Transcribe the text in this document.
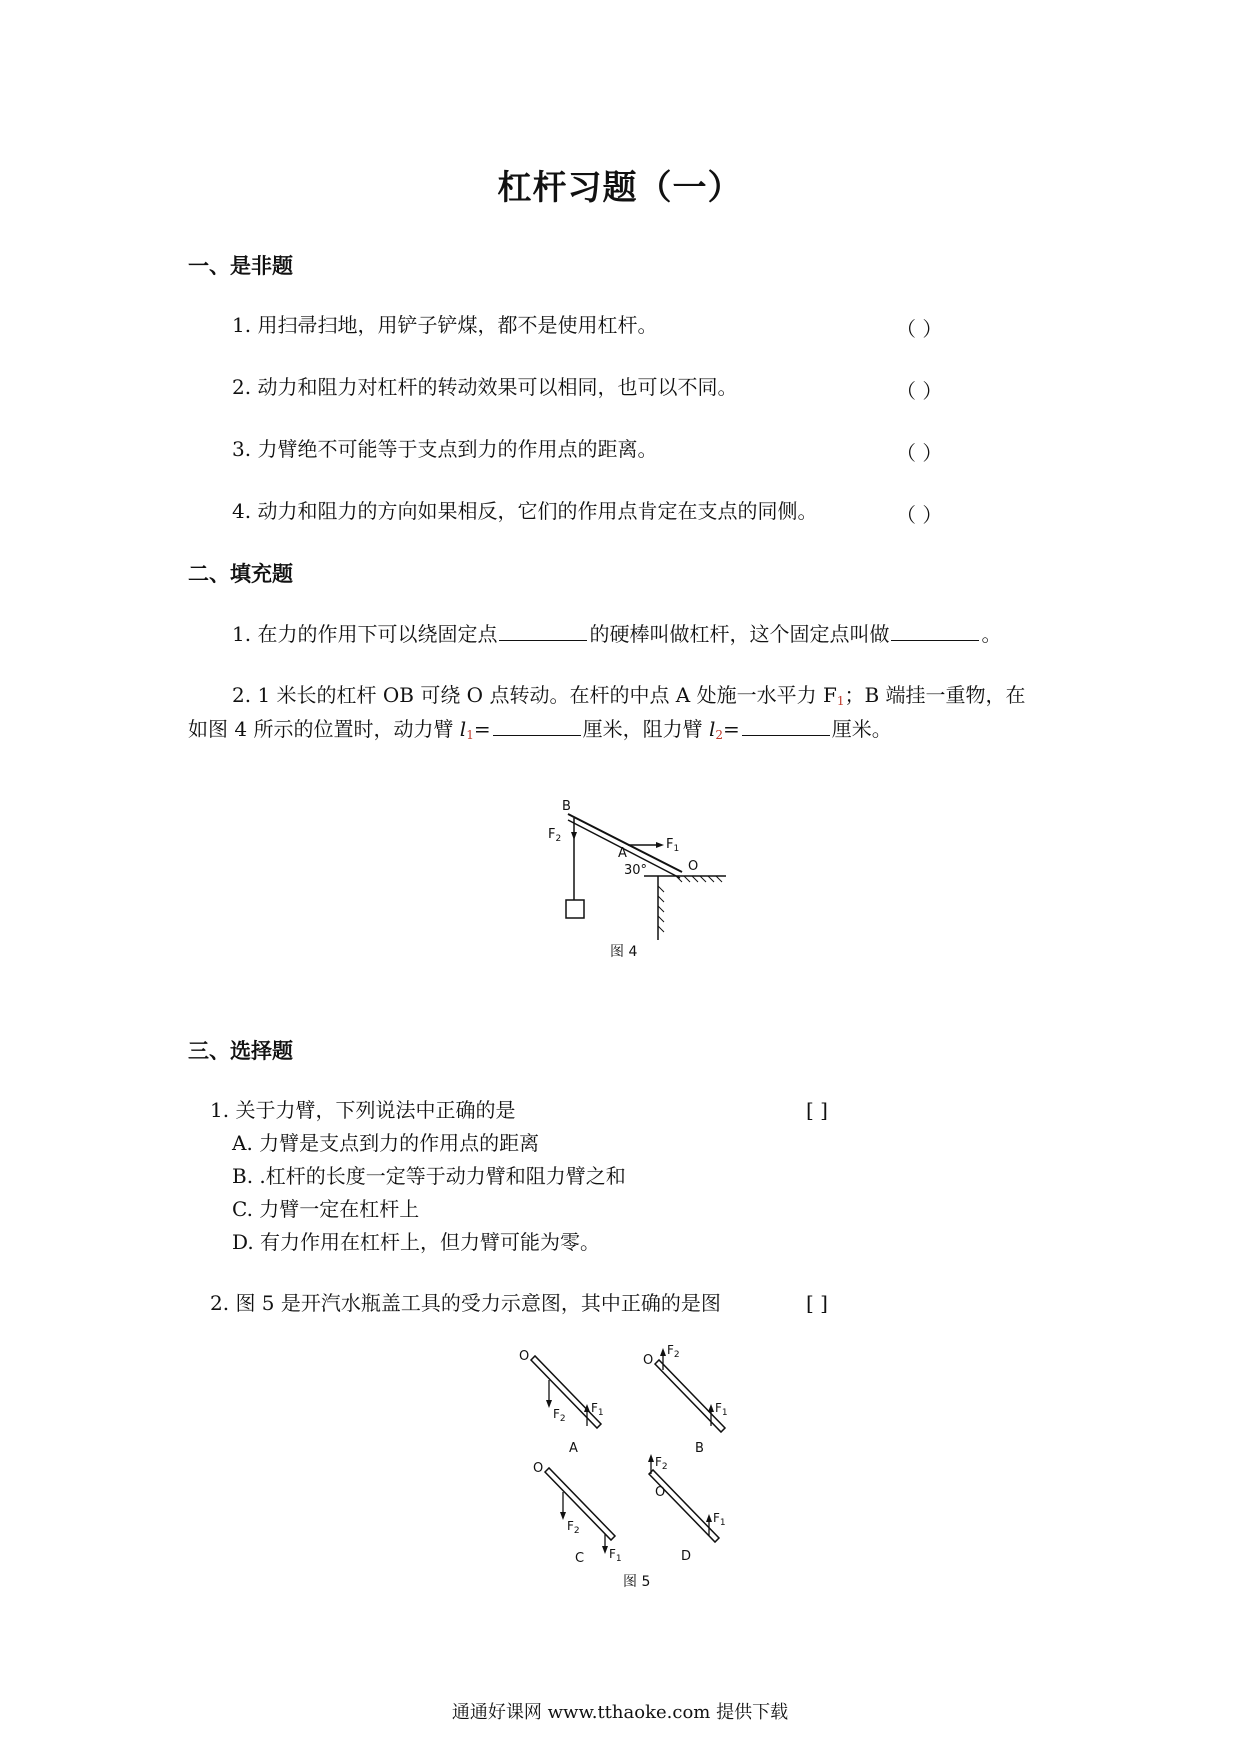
杠杆习题（一）
一、是非题
1. 用扫帚扫地，用铲子铲煤，都不是使用杠杆。	（ ）
2. 动力和阻力对杠杆的转动效果可以相同，也可以不同。	（ ）
3. 力臂绝不可能等于支点到力的作用点的距离。	（ ）
4. 动力和阻力的方向如果相反，它们的作用点肯定在支点的同侧。	（ ）
二、填充题
1. 在力的作用下可以绕固定点	的硬棒叫做杠杆，这个固定点叫做	。
2. 1 米长的杠杆 OB 可绕 O 点转动。在杆的中点 A 处施一水平力 $F_1$；B 端挂一重物，在
如图 4 所示的位置时，动力臂 $l_1=$	厘米，阻力臂 $l_2=$	厘米。
$F_2$
B
$F_1$
A
30°	O
图 4
三、选择题
1. 关于力臂，下列说法中正确的是	[ ]
A. 力臂是支点到力的作用点的距离
B. .杠杆的长度一定等于动力臂和阻力臂之和
C. 力臂一定在杠杆上
D. 有力作用在杠杆上，但力臂可能为零。
2. 图 5 是开汽水瓶盖工具的受力示意图，其中正确的是图	[ ]
O
$F_2$
$F_1$
A
O
$F_2$
$F_1$
B
O
$F_2$
$F_1$
C
$F_2$
O
$F_1$
D
图 5
通通好课网 www.tthaoke.com 提供下载
